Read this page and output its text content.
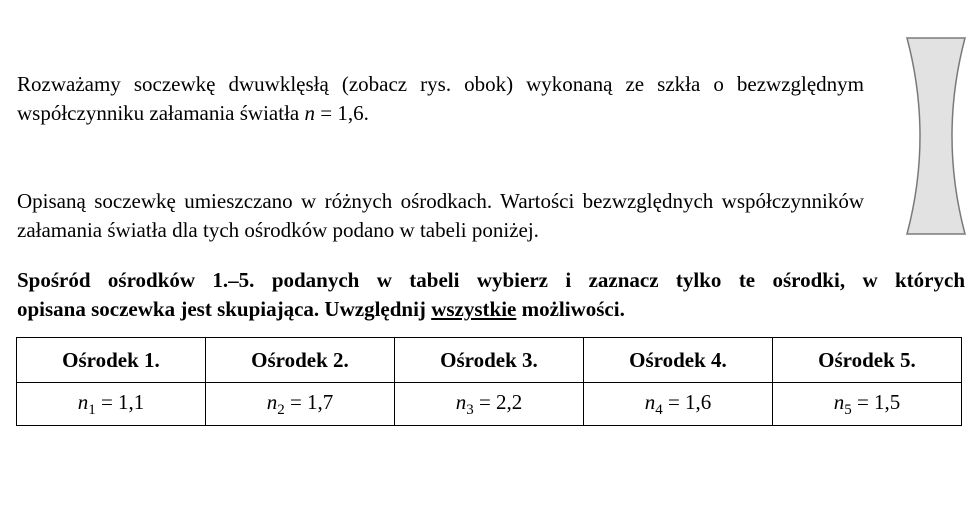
Rozważamy soczewkę dwuwklęsłą (zobacz rys. obok) wykonaną ze szkła o bezwzględnym współczynniku załamania światła n = 1,6.
Opisaną soczewkę umieszczano w różnych ośrodkach. Wartości bezwzględnych współczynników załamania światła dla tych ośrodków podano w tabeli poniżej.
Spośród ośrodków 1.–5. podanych w tabeli wybierz i zaznacz tylko te ośrodki, w których
opisana soczewka jest skupiająca. Uwzględnij wszystkie możliwości.
Ośrodek 1.	Ośrodek 2.	Ośrodek 3.	Ośrodek 4.	Ośrodek 5.
$n_1 = 1,1$	$n_2 = 1,7$	$n_3 = 2,2$	$n_4 = 1,6$	$n_5 = 1,5$
